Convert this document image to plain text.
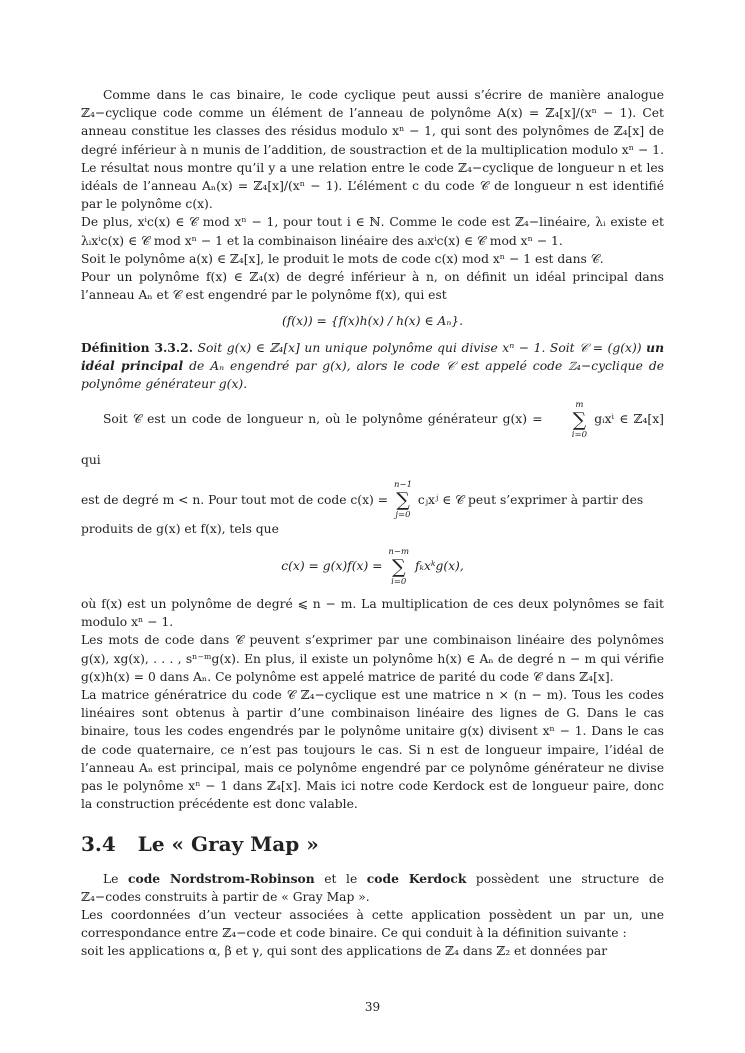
Comme dans le cas binaire, le code cyclique peut aussi s’écrire de manière analogue ℤ₄−cyclique code comme un élément de l’anneau de polynôme A(x) = ℤ₄[x]/(xⁿ − 1). Cet anneau constitue les classes des résidus modulo xⁿ − 1, qui sont des polynômes de ℤ₄[x] de degré inférieur à n munis de l’addition, de soustraction et de la multiplication modulo xⁿ − 1. Le résultat nous montre qu’il y a une relation entre le code ℤ₄−cyclique de longueur n et les idéals de l’anneau Aₙ(x) = ℤ₄[x]/(xⁿ − 1). L’élément c du code 𝒞 de longueur n est identifié par le polynôme c(x).

De plus, xⁱc(x) ∈ 𝒞 mod xⁿ − 1, pour tout i ∈ ℕ. Comme le code est ℤ₄−linéaire, λᵢ existe et λᵢxⁱc(x) ∈ 𝒞 mod xⁿ − 1 et la combinaison linéaire des aᵢxⁱc(x) ∈ 𝒞 mod xⁿ − 1.

Soit le polynôme a(x) ∈ ℤ₄[x], le produit le mots de code c(x) mod xⁿ − 1 est dans 𝒞.

Pour un polynôme f(x) ∈ ℤ₄(x) de degré inférieur à n, on définit un idéal principal dans l’anneau Aₙ et 𝒞 est engendré par le polynôme f(x), qui est

(f(x)) = {f(x)h(x) / h(x) ∈ Aₙ}.

Définition 3.3.2. Soit g(x) ∈ ℤ₄[x] un unique polynôme qui divise xⁿ − 1. Soit 𝒞 = (g(x)) un idéal principal de Aₙ engendré par g(x), alors le code 𝒞 est appelé code ℤ₄−cyclique de polynôme générateur g(x).

Soit 𝒞 est un code de longueur n, où le polynôme générateur g(x) =
m
∑
i=0
gᵢxⁱ ∈ ℤ₄[x] qui

est de degré m < n. Pour tout mot de code c(x) =
n−1
∑
j=0
cⱼxʲ ∈ 𝒞 peut s’exprimer à partir des

produits de g(x) et f(x), tels que

c(x) = g(x)f(x) =
n−m
∑
i=0
fₖxᵏg(x),

où f(x) est un polynôme de degré ⩽ n − m. La multiplication de ces deux polynômes se fait modulo xⁿ − 1.

Les mots de code dans 𝒞 peuvent s’exprimer par une combinaison linéaire des polynômes g(x), xg(x), . . . , sⁿ⁻ᵐg(x). En plus, il existe un polynôme h(x) ∈ Aₙ de degré n − m qui vérifie g(x)h(x) = 0 dans Aₙ. Ce polynôme est appelé matrice de parité du code 𝒞 dans ℤ₄[x].

La matrice génératrice du code 𝒞 ℤ₄−cyclique est une matrice n × (n − m). Tous les codes linéaires sont obtenus à partir d’une combinaison linéaire des lignes de G. Dans le cas binaire, tous les codes engendrés par le polynôme unitaire g(x) divisent xⁿ − 1. Dans le cas de code quaternaire, ce n’est pas toujours le cas. Si n est de longueur impaire, l’idéal de l’anneau Aₙ est principal, mais ce polynôme engendré par ce polynôme générateur ne divise pas le polynôme xⁿ − 1 dans ℤ₄[x]. Mais ici notre code Kerdock est de longueur paire, donc la construction précédente est donc valable.

3.4 Le « Gray Map »

Le code Nordstrom-Robinson et le code Kerdock possèdent une structure de ℤ₄−codes construits à partir de « Gray Map ».

Les coordonnées d’un vecteur associées à cette application possèdent un par un, une correspondance entre ℤ₄−code et code binaire. Ce qui conduit à la définition suivante :

soit les applications α, β et γ, qui sont des applications de ℤ₄ dans ℤ₂ et données par

39
